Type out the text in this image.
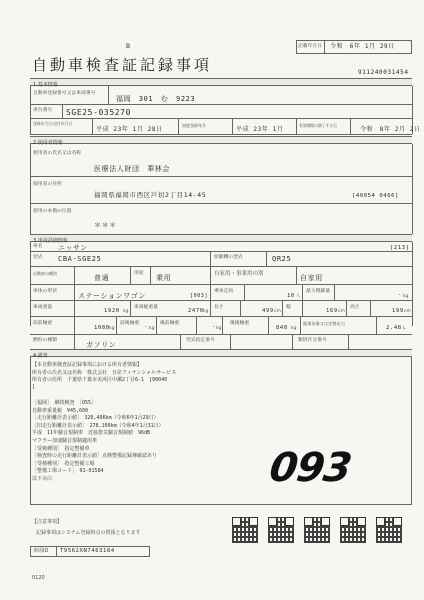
B	記載年月日 令和　6年 1月 29日
自動車検査証記録事項	911240031454
1.基本情報
自動車登録番号又は車両番号
福岡　301　む　9223
車台番号 SGE25-035270
登録年月日/交付年月日
平成 23年 1月 28日
初度登録年月
平成 23年 1月
有効期間の満了する日
令和　8年 2月 2日
2.使用者情報
使用者の氏名又は名称
医療法人財団　華林会
使用者の住所
福岡県福岡市西区戸切2丁目14-45	[40054 0466]
使用の本拠の位置
＊＊＊
3.車両詳細情報
車名 ニッサン	[213]
型式 CBA-SGE25	原動機の型式	QR25
自動車の種別
普通
用途
乗用	自家用・事業用の別	自家用
車体の形状
ステーションワゴン	[003]
乗車定員
10 人
最大積載量
- kg
車両重量
1920 kg
車両総重量
2470 kg
長さ
499 cm
幅
169 cm
高さ
199 cm
前前軸重
1080 kg
前後軸重
- kg
後前軸重
- kg
後後軸重
840 kg
総排気量又は定格出力
2.48 L
燃料の種類
ガソリン
型式指定番号	類別区分番号
4.備考
【本自動車検査証記録事項における所有者情報】
所有者の氏名又は名称　株式会社　日産フィナンシャルサービス
所有者の住所　千葉県千葉市美浜区中瀬2丁目6-1　[90040
]
［福岡］　継続検査　［O55］
自動車重量税　¥45,600
［走行距離計表示値］　326,406km（令和6年1月29日）
［旧走行距離計表示値］　278,100km（令和4年1月31日）
平成　11年騒音規制車　近接排気騒音規制値　96dB
マフラー加速騒音規制適用車
［受検種別］　指定整備車
［検査時の走行距離計表示値］点検整備記録簿確認あり
［受検種別］　指定整備工場
［整備工場コード］　91-01584
以下余白	093
【注意事項】
記録事項はシステム登録時点の情報となります
車両ID T9562XN7463184
0120
